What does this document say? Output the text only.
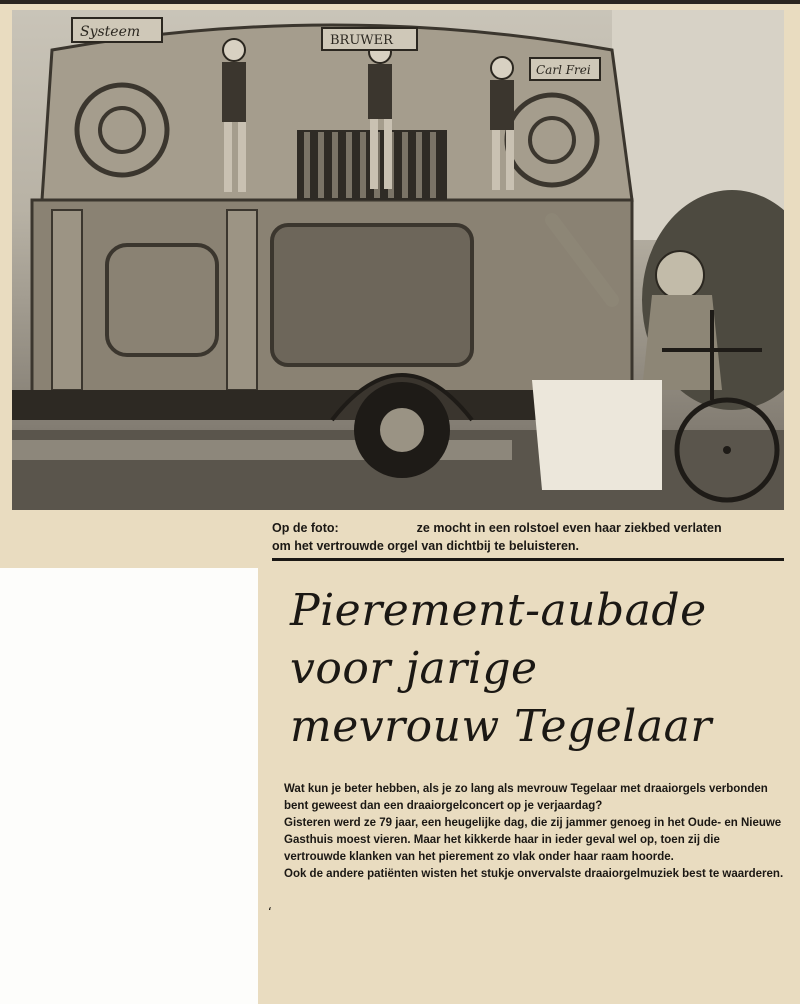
Systeem
BRUWER
Carl Frei
Op de foto:	ze mocht in een rolstoel even haar ziekbed verlaten
om het vertrouwde orgel van dichtbij te beluisteren.
Pierement-aubade
voor jarige
mevrouw Tegelaar

Wat kun je beter hebben, als je zo lang als mevrouw Tegelaar met draaiorgels verbonden bent geweest dan een draaiorgelconcert op je verjaardag?

Gisteren werd ze 79 jaar, een heugelijke dag, die zij jammer genoeg in het Oude- en Nieuwe Gasthuis moest vieren. Maar het kikkerde haar in ieder geval wel op, toen zij die vertrouwde klanken van het pierement zo vlak onder haar raam hoorde.

Ook de andere patiënten wisten het stukje onvervalste draaiorgelmuziek best te waarderen.

ʻ
